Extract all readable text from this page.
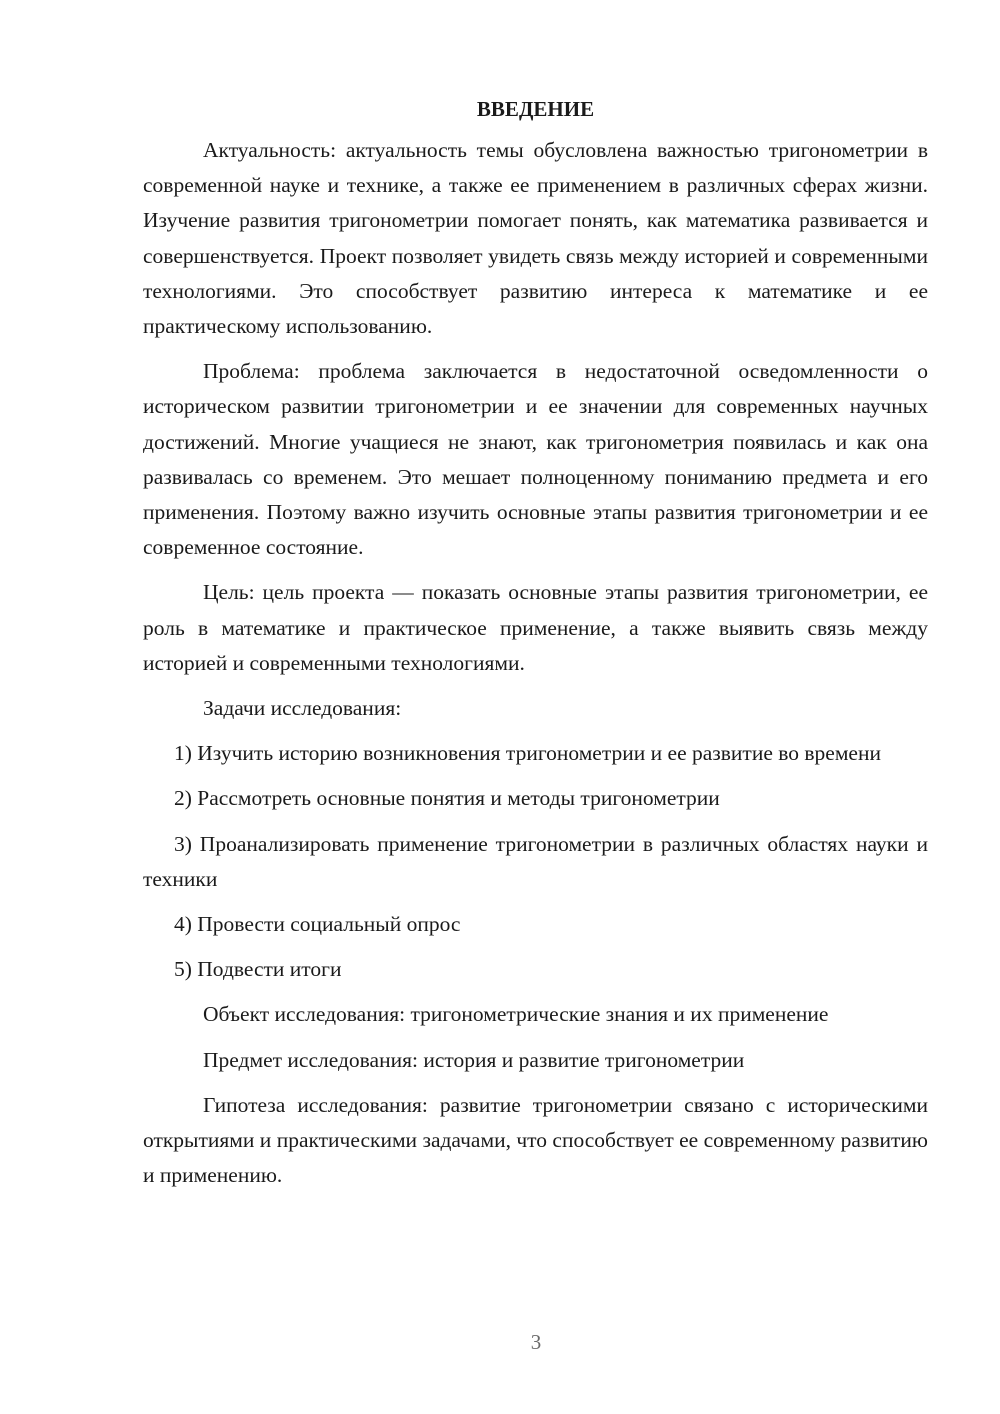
ВВЕДЕНИЕ

Актуальность: актуальность темы обусловлена важностью тригонометрии в современной науке и технике, а также ее применением в различных сферах жизни. Изучение развития тригонометрии помогает понять, как математика развивается и совершенствуется. Проект позволяет увидеть связь между историей и современными технологиями. Это способствует развитию интереса к математике и ее практическому использованию.

Проблема: проблема заключается в недостаточной осведомленности о историческом развитии тригонометрии и ее значении для современных научных достижений. Многие учащиеся не знают, как тригонометрия появилась и как она развивалась со временем. Это мешает полноценному пониманию предмета и его применения. Поэтому важно изучить основные этапы развития тригонометрии и ее современное состояние.

Цель: цель проекта — показать основные этапы развития тригонометрии, ее роль в математике и практическое применение, а также выявить связь между историей и современными технологиями.

Задачи исследования:

1) Изучить историю возникновения тригонометрии и ее развитие во времени

2) Рассмотреть основные понятия и методы тригонометрии

3) Проанализировать применение тригонометрии в различных областях науки и техники

4) Провести социальный опрос

5) Подвести итоги

Объект исследования: тригонометрические знания и их применение

Предмет исследования: история и развитие тригонометрии

Гипотеза исследования: развитие тригонометрии связано с историческими открытиями и практическими задачами, что способствует ее современному развитию и применению.

3
